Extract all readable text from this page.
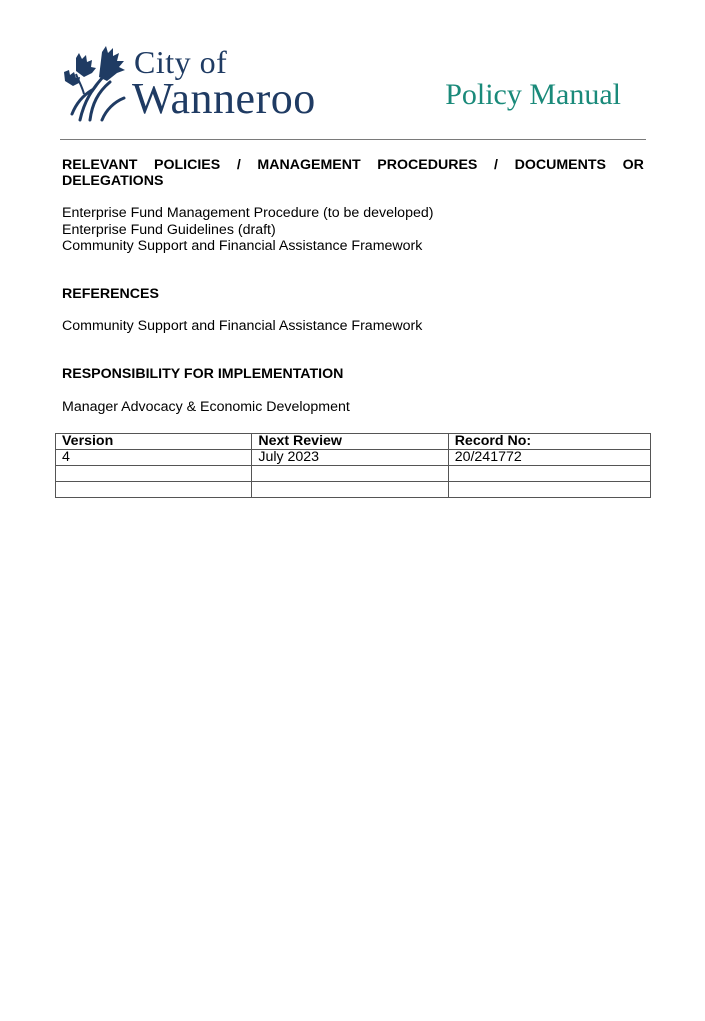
City of
Wanneroo	Policy Manual
RELEVANT POLICIES / MANAGEMENT PROCEDURES / DOCUMENTS OR

DELEGATIONS

Enterprise Fund Management Procedure (to be developed)

Enterprise Fund Guidelines (draft)

Community Support and Financial Assistance Framework

REFERENCES

Community Support and Financial Assistance Framework

RESPONSIBILITY FOR IMPLEMENTATION

Manager Advocacy & Economic Development

Version	Next Review	Record No:
4	July 2023	20/241772
